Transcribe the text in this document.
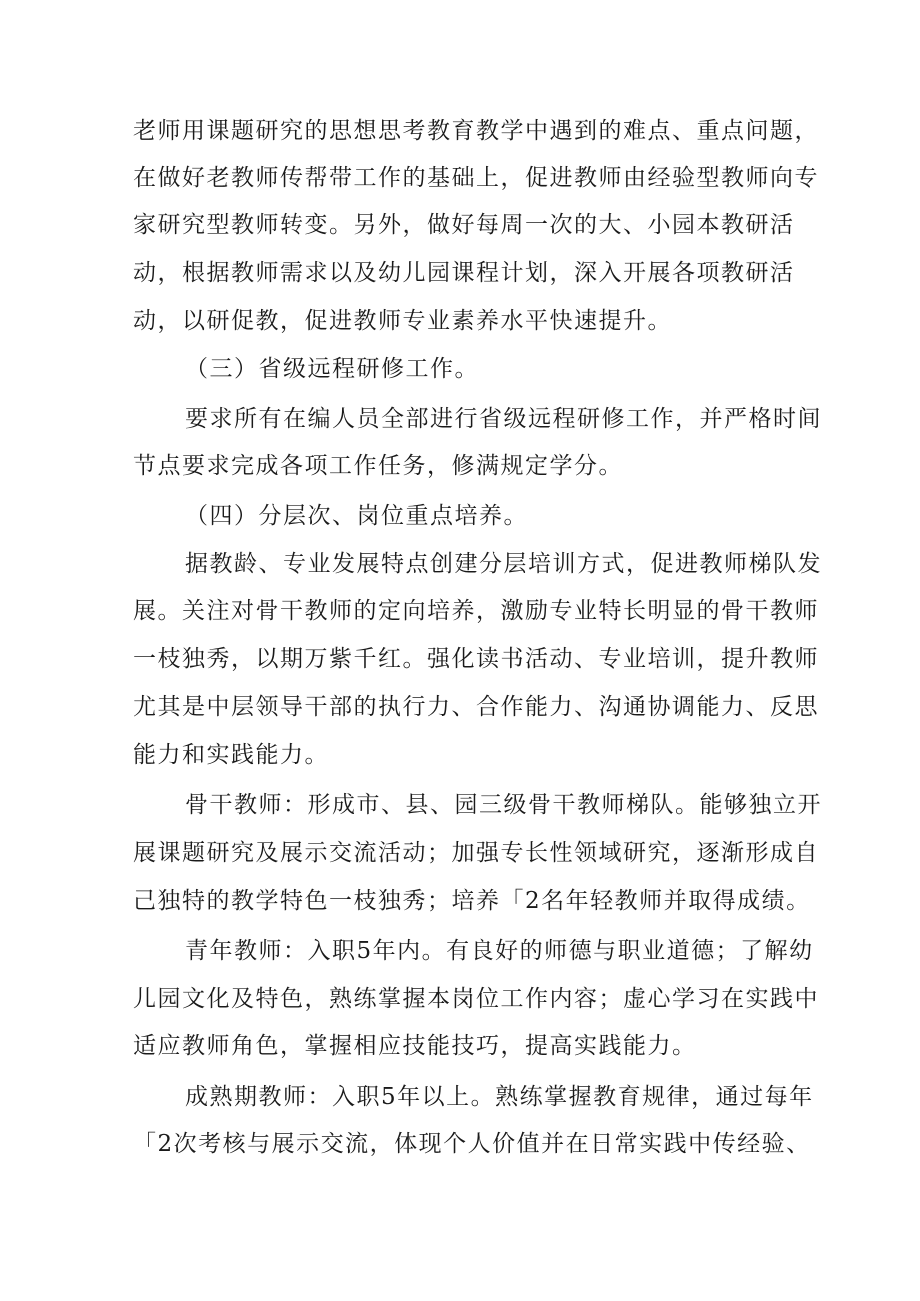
老师用课题研究的思想思考教育教学中遇到的难点、重点问题，
在做好老教师传帮带工作的基础上，促进教师由经验型教师向专
家研究型教师转变。另外，做好每周一次的大、小园本教研活
动，根据教师需求以及幼儿园课程计划，深入开展各项教研活
动，以研促教，促进教师专业素养水平快速提升。
（三）省级远程研修工作。
要求所有在编人员全部进行省级远程研修工作，并严格时间
节点要求完成各项工作任务，修满规定学分。
（四）分层次、岗位重点培养。
据教龄、专业发展特点创建分层培训方式，促进教师梯队发
展。关注对骨干教师的定向培养，激励专业特长明显的骨干教师
一枝独秀，以期万紫千红。强化读书活动、专业培训，提升教师
尤其是中层领导干部的执行力、合作能力、沟通协调能力、反思
能力和实践能力。
骨干教师：形成市、县、园三级骨干教师梯队。能够独立开
展课题研究及展示交流活动；加强专长性领域研究，逐渐形成自
己独特的教学特色一枝独秀；培养「2名年轻教师并取得成绩。
青年教师：入职5年内。有良好的师德与职业道德；了解幼
儿园文化及特色，熟练掌握本岗位工作内容；虚心学习在实践中
适应教师角色，掌握相应技能技巧，提高实践能力。
成熟期教师：入职5年以上。熟练掌握教育规律，通过每年
「2次考核与展示交流，体现个人价值并在日常实践中传经验、
